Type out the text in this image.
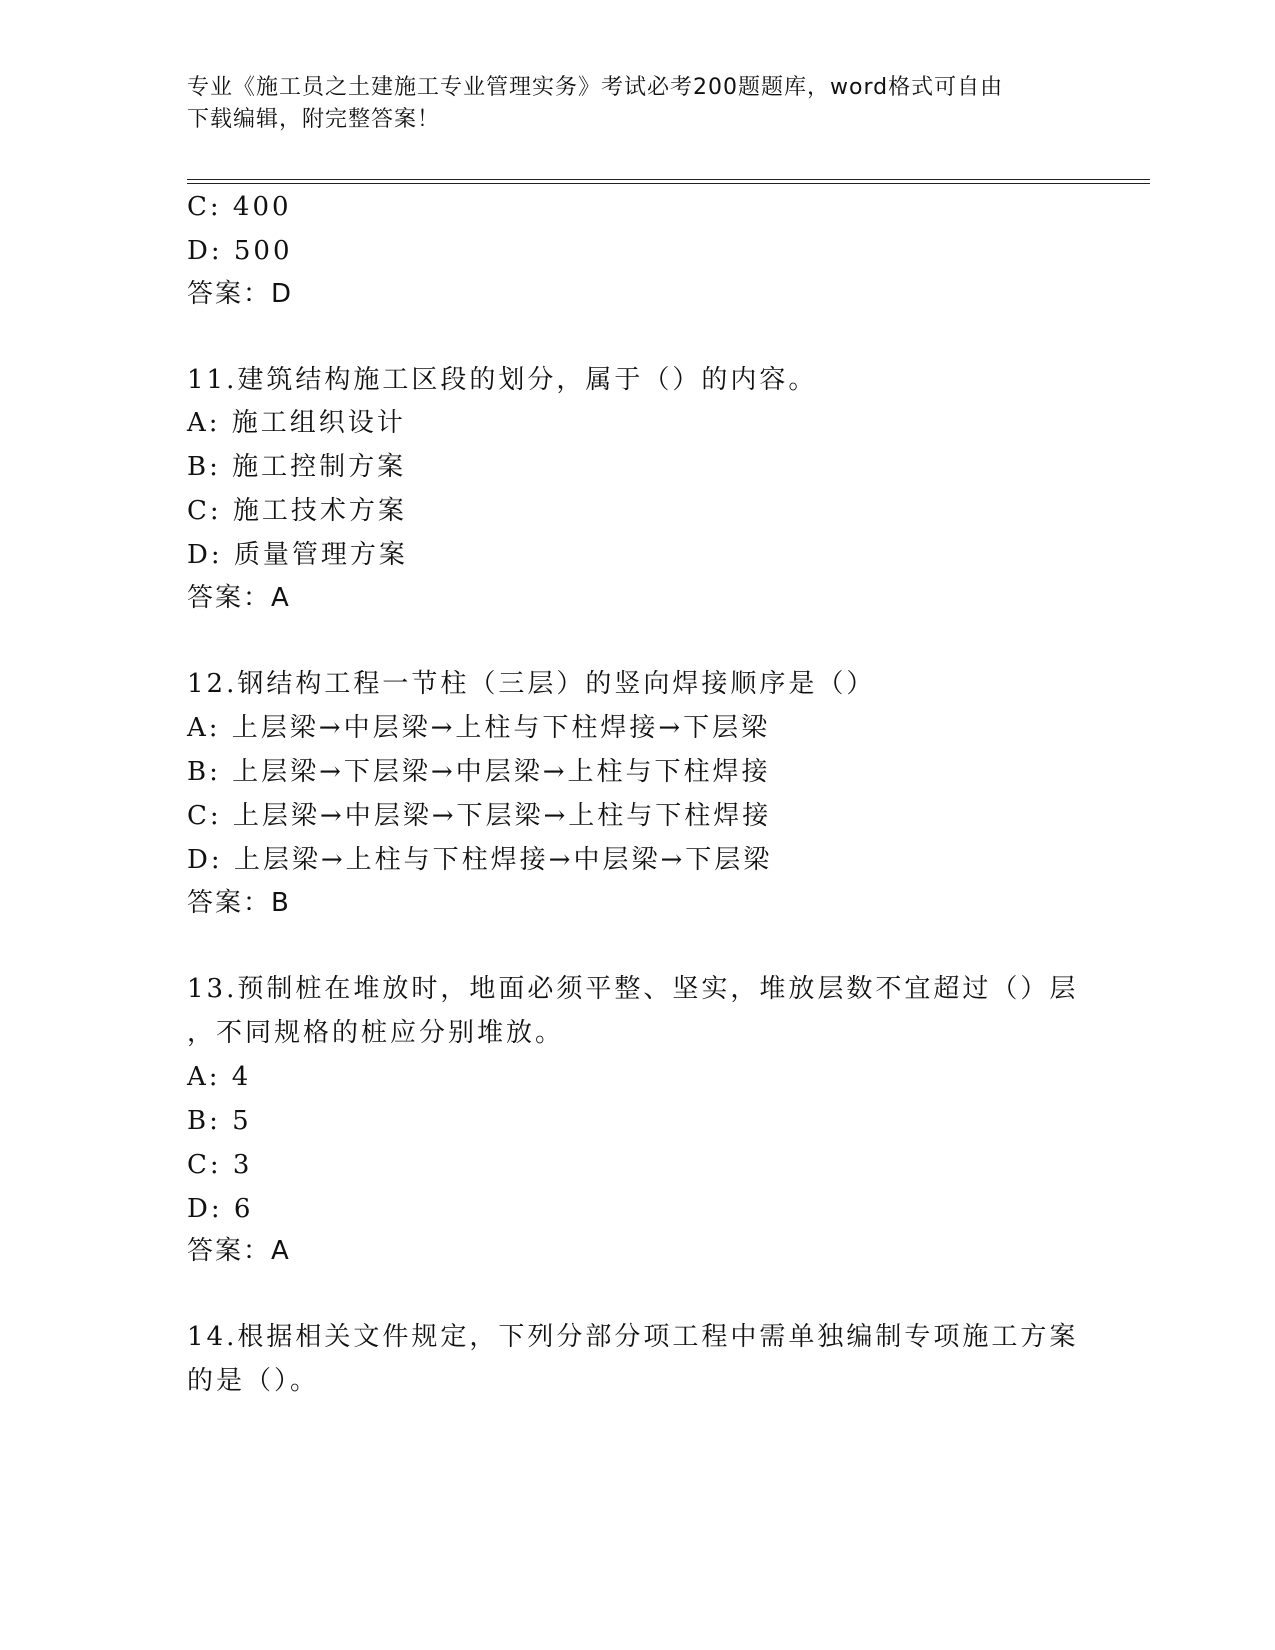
专业《施工员之土建施工专业管理实务》考试必考200题题库，word格式可自由
下载编辑，附完整答案！
C: 400
D: 500
答案：D
11.建筑结构施工区段的划分，属于（）的内容。
A: 施工组织设计
B: 施工控制方案
C: 施工技术方案
D: 质量管理方案
答案：A
12.钢结构工程一节柱（三层）的竖向焊接顺序是（）
A: 上层梁→中层梁→上柱与下柱焊接→下层梁
B: 上层梁→下层梁→中层梁→上柱与下柱焊接
C: 上层梁→中层梁→下层梁→上柱与下柱焊接
D: 上层梁→上柱与下柱焊接→中层梁→下层梁
答案：B
13.预制桩在堆放时，地面必须平整、坚实，堆放层数不宜超过（）层
，不同规格的桩应分别堆放。
A: 4
B: 5
C: 3
D: 6
答案：A
14.根据相关文件规定，下列分部分项工程中需单独编制专项施工方案
的是（）。
